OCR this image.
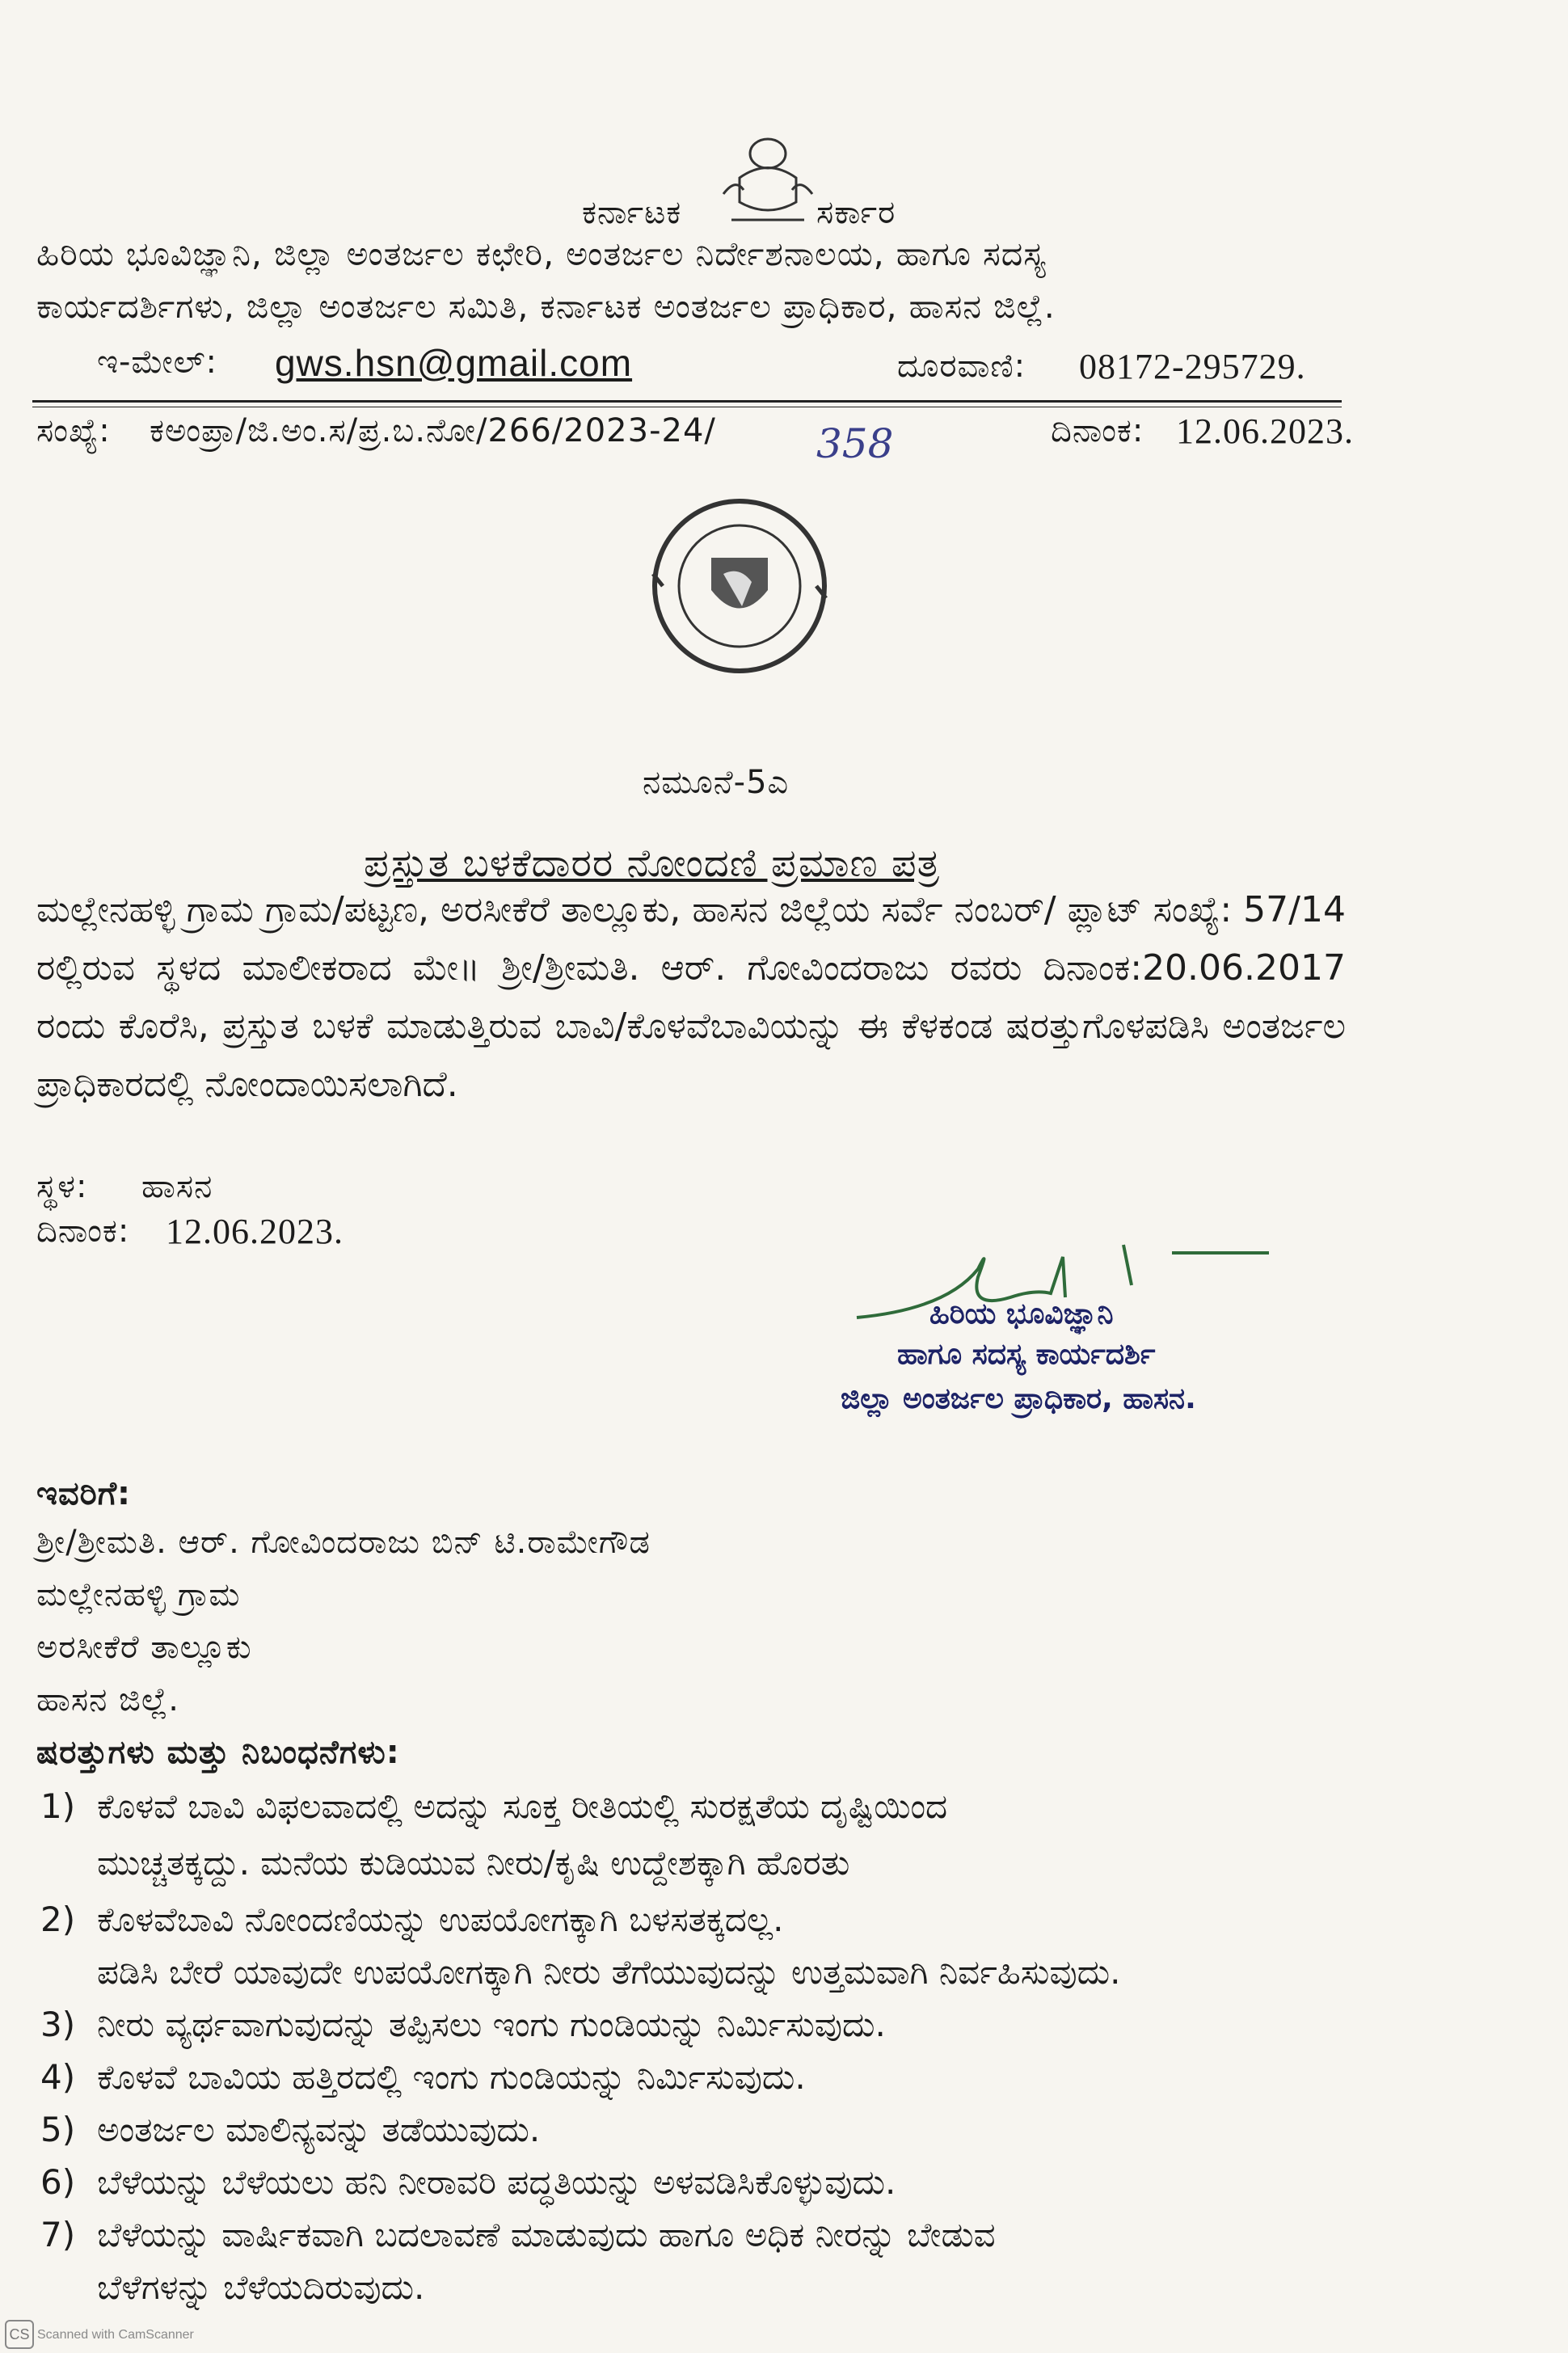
ಕರ್ನಾಟಕ	ಸರ್ಕಾರ
ಹಿರಿಯ ಭೂವಿಜ್ಞಾನಿ, ಜಿಲ್ಲಾ ಅಂತರ್ಜಲ ಕಛೇರಿ, ಅಂತರ್ಜಲ ನಿರ್ದೇಶನಾಲಯ, ಹಾಗೂ ಸದಸ್ಯ
ಕಾರ್ಯದರ್ಶಿಗಳು, ಜಿಲ್ಲಾ ಅಂತರ್ಜಲ ಸಮಿತಿ, ಕರ್ನಾಟಕ ಅಂತರ್ಜಲ ಪ್ರಾಧಿಕಾರ, ಹಾಸನ ಜಿಲ್ಲೆ.
ಇ-ಮೇಲ್: gws.hsn@gmail.com	ದೂರವಾಣಿ: 08172-295729.
ಸಂಖ್ಯೆ: ಕಅಂಪ್ರಾ/ಜಿ.ಅಂ.ಸ/ಪ್ರ.ಬ.ನೋ/266/2023-24/ 358	ದಿನಾಂಕ: 12.06.2023.
ನಮೂನೆ-5ಎ
ಪ್ರಸ್ತುತ ಬಳಕೆದಾರರ ನೋಂದಣಿ ಪ್ರಮಾಣ ಪತ್ರ
ಮಲ್ಲೇನಹಳ್ಳಿ ಗ್ರಾಮ ಗ್ರಾಮ/ಪಟ್ಟಣ, ಅರಸೀಕೆರೆ ತಾಲ್ಲೂಕು, ಹಾಸನ ಜಿಲ್ಲೆಯ ಸರ್ವೆ ನಂಬರ್/ ಪ್ಲಾಟ್ ಸಂಖ್ಯೆ: 57/14 ರಲ್ಲಿರುವ ಸ್ಥಳದ ಮಾಲೀಕರಾದ ಮೇ॥ ಶ್ರೀ/ಶ್ರೀಮತಿ. ಆರ್. ಗೋವಿಂದರಾಜು ರವರು ದಿನಾಂಕ:20.06.2017 ರಂದು ಕೊರೆಸಿ, ಪ್ರಸ್ತುತ ಬಳಕೆ ಮಾಡುತ್ತಿರುವ ಬಾವಿ/ಕೊಳವೆಬಾವಿಯನ್ನು ಈ ಕೆಳಕಂಡ ಷರತ್ತುಗೊಳಪಡಿಸಿ ಅಂತರ್ಜಲ ಪ್ರಾಧಿಕಾರದಲ್ಲಿ ನೋಂದಾಯಿಸಲಾಗಿದೆ.
ಸ್ಥಳ: ಹಾಸನ
ದಿನಾಂಕ: 12.06.2023.
ಹಿರಿಯ ಭೂವಿಜ್ಞಾನಿ
ಹಾಗೂ ಸದಸ್ಯ ಕಾರ್ಯದರ್ಶಿ
ಜಿಲ್ಲಾ ಅಂತರ್ಜಲ ಪ್ರಾಧಿಕಾರ, ಹಾಸನ.
ಇವರಿಗೆ:
ಶ್ರೀ/ಶ್ರೀಮತಿ. ಆರ್. ಗೋವಿಂದರಾಜು ಬಿನ್ ಟಿ.ರಾಮೇಗೌಡ
ಮಲ್ಲೇನಹಳ್ಳಿ ಗ್ರಾಮ
ಅರಸೀಕೆರೆ ತಾಲ್ಲೂಕು
ಹಾಸನ ಜಿಲ್ಲೆ.
ಷರತ್ತುಗಳು ಮತ್ತು ನಿಬಂಧನೆಗಳು:
1) ಕೊಳವೆ ಬಾವಿ ವಿಫಲವಾದಲ್ಲಿ ಅದನ್ನು ಸೂಕ್ತ ರೀತಿಯಲ್ಲಿ ಸುರಕ್ಷತೆಯ ದೃಷ್ಟಿಯಿಂದ
ಮುಚ್ಚತಕ್ಕದ್ದು. ಮನೆಯ ಕುಡಿಯುವ ನೀರು/ಕೃಷಿ ಉದ್ದೇಶಕ್ಕಾಗಿ ಹೊರತು
2) ಕೊಳವೆಬಾವಿ ನೋಂದಣಿಯನ್ನು ಉಪಯೋಗಕ್ಕಾಗಿ ಬಳಸತಕ್ಕದಲ್ಲ.
ಪಡಿಸಿ ಬೇರೆ ಯಾವುದೇ ಉಪಯೋಗಕ್ಕಾಗಿ ನೀರು ತೆಗೆಯುವುದನ್ನು ಉತ್ತಮವಾಗಿ ನಿರ್ವಹಿಸುವುದು.
3) ನೀರು ವ್ಯರ್ಥವಾಗುವುದನ್ನು ತಪ್ಪಿಸಲು ಇಂಗು ಗುಂಡಿಯನ್ನು ನಿರ್ಮಿಸುವುದು.
4) ಕೊಳವೆ ಬಾವಿಯ ಹತ್ತಿರದಲ್ಲಿ ಇಂಗು ಗುಂಡಿಯನ್ನು ನಿರ್ಮಿಸುವುದು.
5) ಅಂತರ್ಜಲ ಮಾಲಿನ್ಯವನ್ನು ತಡೆಯುವುದು.
6) ಬೆಳೆಯನ್ನು ಬೆಳೆಯಲು ಹನಿ ನೀರಾವರಿ ಪದ್ಧತಿಯನ್ನು ಅಳವಡಿಸಿಕೊಳ್ಳುವುದು.
7) ಬೆಳೆಯನ್ನು ವಾರ್ಷಿಕವಾಗಿ ಬದಲಾವಣೆ ಮಾಡುವುದು ಹಾಗೂ ಅಧಿಕ ನೀರನ್ನು ಬೇಡುವ
ಬೆಳೆಗಳನ್ನು ಬೆಳೆಯದಿರುವುದು.
CS Scanned with CamScanner
